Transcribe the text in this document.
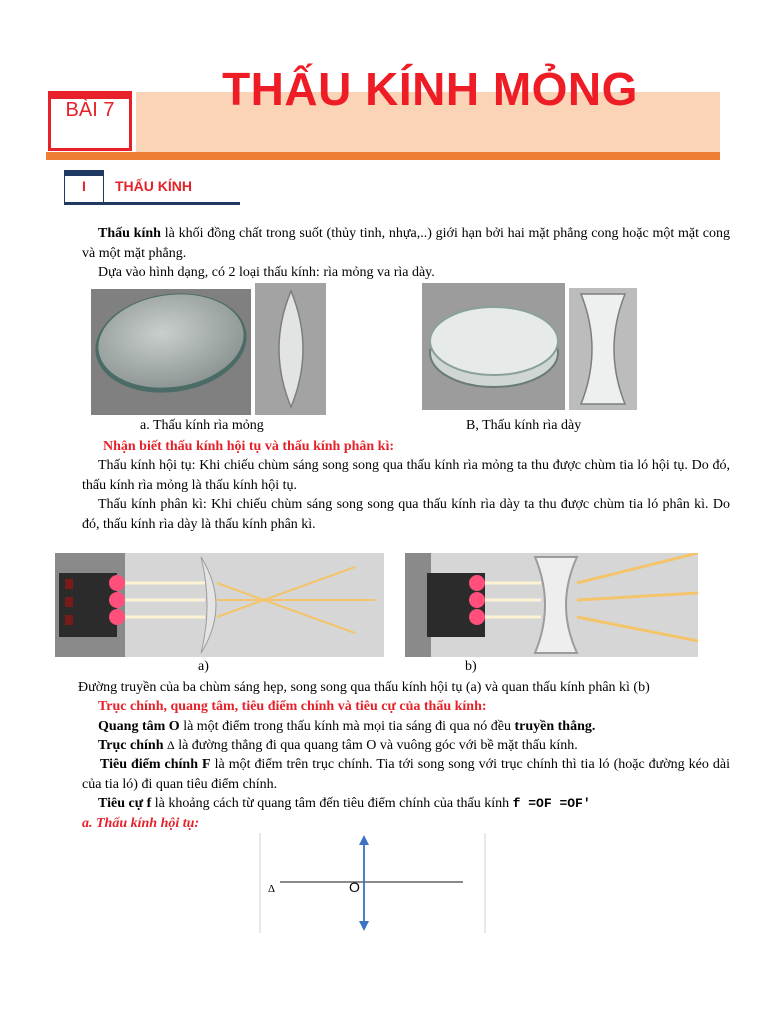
BÀI 7	THẤU KÍNH MỎNG
I	THẤU KÍNH

Thấu kính là khối đồng chất trong suốt (thủy tinh, nhựa,..) giới hạn bởi hai mặt phẳng cong hoặc một mặt cong và một mặt phẳng.

Dựa vào hình dạng, có 2 loại thấu kính: rìa mỏng va rìa dày.

a. Thấu kính rìa mỏng	B, Thấu kính rìa dày

Nhận biết thấu kính hội tụ và thấu kính phân kì:

Thấu kính hội tụ: Khi chiếu chùm sáng song song qua thấu kính rìa mỏng ta thu được chùm tia ló hội tụ. Do đó, thấu kính rìa mỏng là thấu kính hội tụ.

Thấu kính phân kì: Khi chiếu chùm sáng song song qua thấu kính rìa dày ta thu được chùm tia ló phân kì. Do đó, thấu kính rìa dày là thấu kính phân kì.

a)	b)

Đường truyền của ba chùm sáng hẹp, song song qua thấu kính hội tụ (a) và quan thấu kính phân kì (b)

Trục chính, quang tâm, tiêu điểm chính và tiêu cự của thấu kính:

Quang tâm O là một điểm trong thấu kính mà mọi tia sáng đi qua nó đều truyền thẳng.

Trục chính Δ là đường thẳng đi qua quang tâm O và vuông góc với bề mặt thấu kính.

Tiêu điểm chính F là một điểm trên trục chính. Tia tới song song với trục chính thì tia ló (hoặc đường kéo dài của tia ló) đi quan tiêu điểm chính.

Tiêu cự f là khoảng cách từ quang tâm đến tiêu điểm chính của thấu kính f =OF =OF'

a. Thấu kính hội tụ:

Δ	O
